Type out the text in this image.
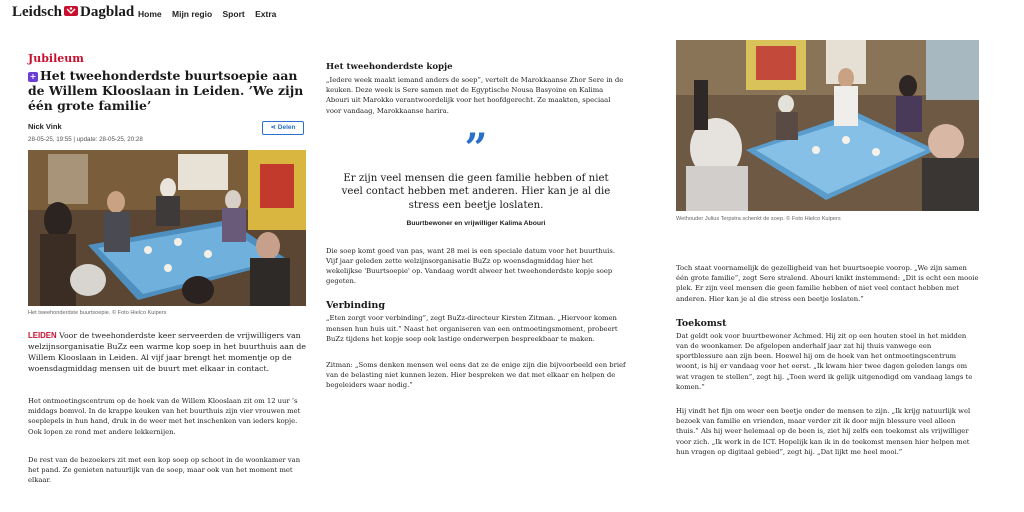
Leidsch Dagblad Home Mijn regio Sport Extra
Jubileum
+ Het tweehonderdste buurtsoepie aan de Willem Klooslaan in Leiden. ’We zijn één grote familie’
Nick Vink
28-05-25, 19:55 | update: 28-05-25, 20:28
⋖ Delen
Het tweehonderdste buurtsoepie. © Foto Hielco Kuipers

LEIDEN Voor de tweehonderdste keer serveerden de vrijwilligers van welzijnsorganisatie BuZz een warme kop soep in het buurthuis aan de Willem Klooslaan in Leiden. Al vijf jaar brengt het momentje op de woensdagmiddag mensen uit de buurt met elkaar in contact.

Het ontmoetingscentrum op de hoek van de Willem Klooslaan zit om 12 uur ’s middags bomvol. In de krappe keuken van het buurthuis zijn vier vrouwen met soeplepels in hun hand, druk in de weer met het inschenken van ieders kopje. Ook lopen ze rond met andere lekkernijen.

De rest van de bezoekers zit met een kop soep op schoot in de woonkamer van het pand. Ze genieten natuurlijk van de soep, maar ook van het moment met elkaar.

Het tweehonderdste kopje

„Iedere week maakt iemand anders de soep”, vertelt de Marokkaanse Zhor Sere in de keuken. Deze week is Sere samen met de Egyptische Nousa Basyoine en Kalima Abouri uit Marokko verantwoordelijk voor het hoofdgerecht. Ze maakten, speciaal voor vandaag, Marokkaanse harira.

”
Er zijn veel mensen die geen familie hebben of niet veel contact hebben met anderen. Hier kan je al die stress een beetje loslaten.
Buurtbewoner en vrijwilliger Kalima Abouri

Die soep komt goed van pas, want 28 mei is een speciale datum voor het buurthuis. Vijf jaar geleden zette welzijnsorganisatie BuZz op woensdagmiddag hier het wekelijkse 'Buurtsoepie' op. Vandaag wordt alweer het tweehonderdste kopje soep gegeten.

Verbinding

„Eten zorgt voor verbinding”, zegt BuZz-directeur Kirsten Zitman. „Hiervoor komen mensen hun huis uit.” Naast het organiseren van een ontmoetingsmoment, probeert BuZz tijdens het kopje soep ook lastige onderwerpen bespreekbaar te maken.

Zitman: „Soms denken mensen wel eens dat ze de enige zijn die bijvoorbeeld een brief van de belasting niet kunnen lezen. Hier bespreken we dat met elkaar en helpen de begeleiders waar nodig.”

Wethouder Julius Terpstra schenkt de soep. © Foto Hielco Kuipers

Toch staat voornamelijk de gezelligheid van het buurtsoepie voorop. „We zijn samen één grote familie”, zegt Sere stralend. Abouri knikt instemmend: „Dit is echt een mooie plek. Er zijn veel mensen die geen familie hebben of niet veel contact hebben met anderen. Hier kan je al die stress een beetje loslaten.”

Toekomst

Dat geldt ook voor buurtbewoner Achmed. Hij zit op een houten stoel in het midden van de woonkamer. De afgelopen anderhalf jaar zat hij thuis vanwege een sportblessure aan zijn been. Hoewel hij om de hoek van het ontmoetingscentrum woont, is hij er vandaag voor het eerst. „Ik kwam hier twee dagen geleden langs om wat vragen te stellen”, zegt hij. „Toen werd ik gelijk uitgenodigd om vandaag langs te komen.”

Hij vindt het fijn om weer een beetje onder de mensen te zijn. „Ik krijg natuurlijk wel bezoek van familie en vrienden, maar verder zit ik door mijn blessure veel alleen thuis.” Als hij weer helemaal op de been is, ziet hij zelfs een toekomst als vrijwilliger voor zich. „Ik werk in de ICT. Hopelijk kan ik in de toekomst mensen hier helpen met hun vragen op digitaal gebied”, zegt hij. „Dat lijkt me heel mooi.”
